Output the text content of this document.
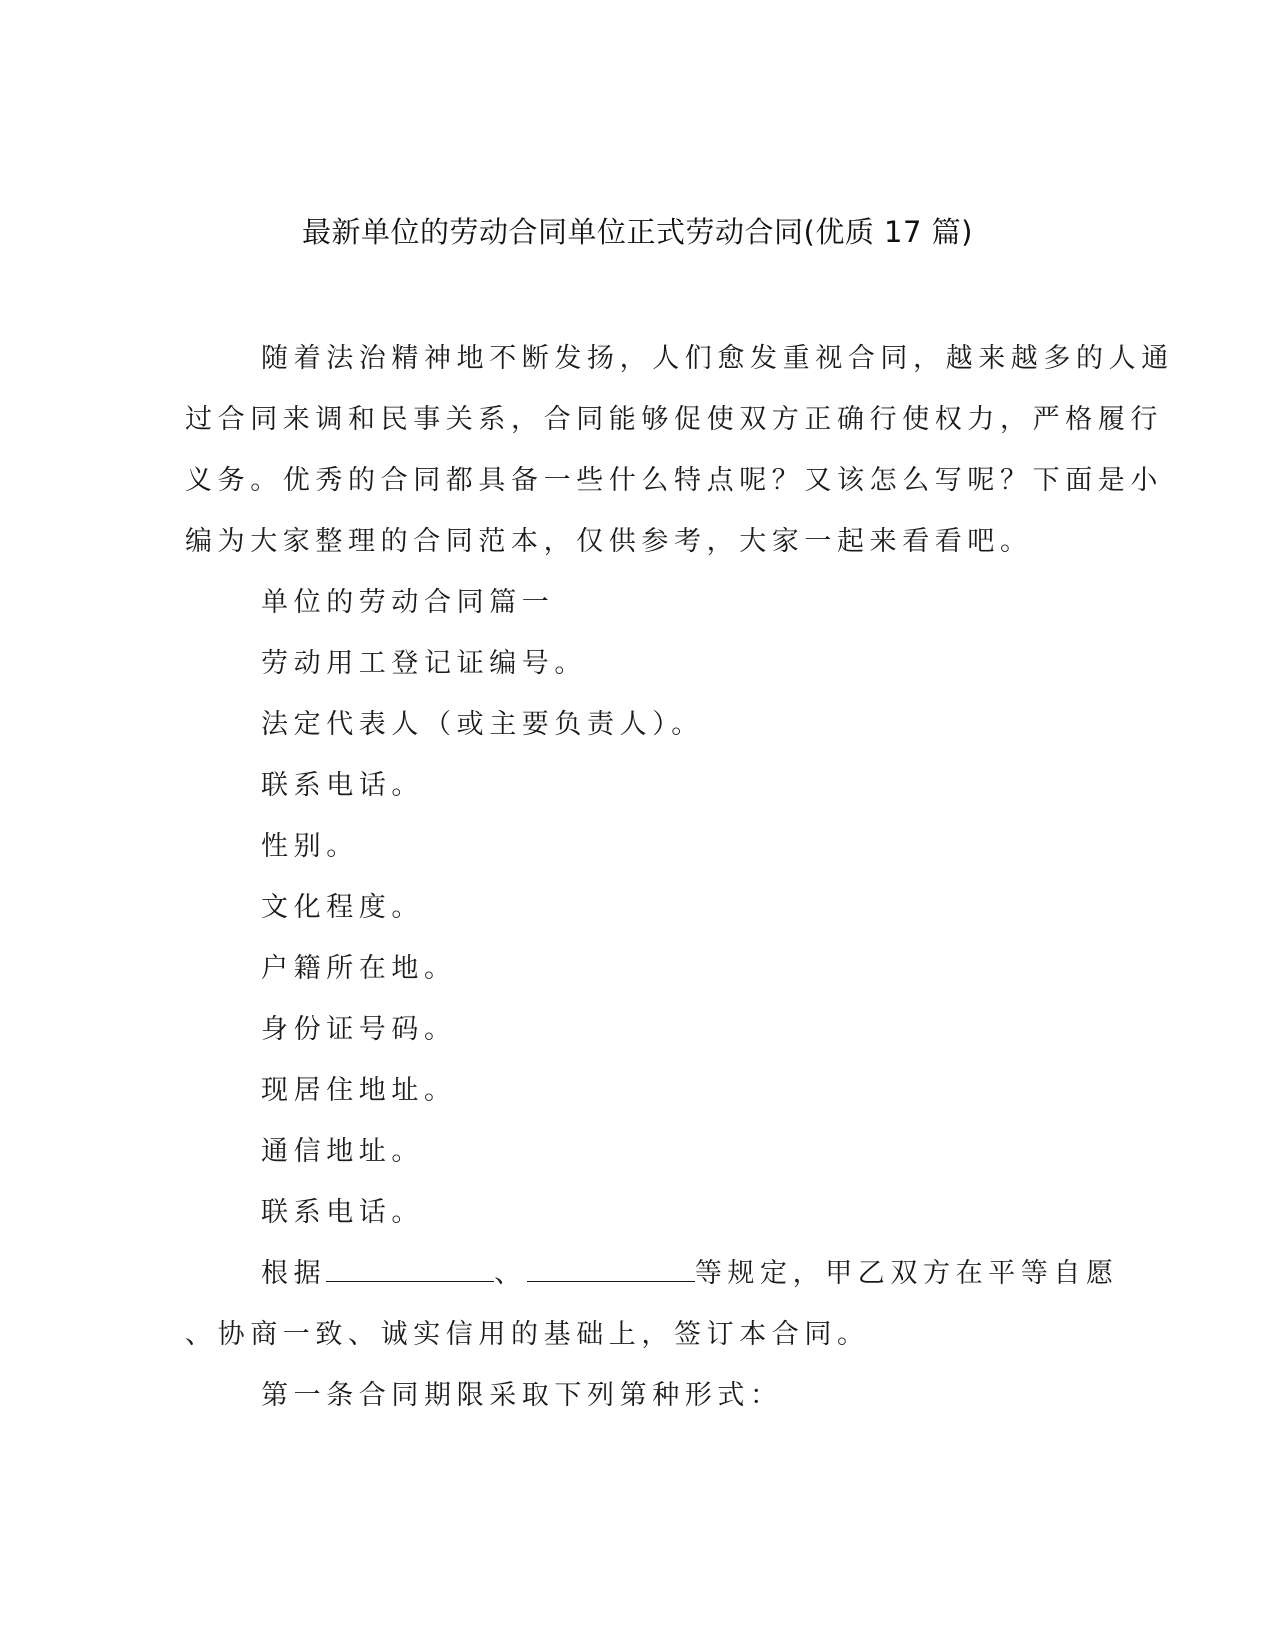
最新单位的劳动合同单位正式劳动合同(优质 17 篇)

随着法治精神地不断发扬，人们愈发重视合同，越来越多的人通

过合同来调和民事关系，合同能够促使双方正确行使权力，严格履行

义务。优秀的合同都具备一些什么特点呢？又该怎么写呢？下面是小

编为大家整理的合同范本，仅供参考，大家一起来看看吧。

单位的劳动合同篇一

劳动用工登记证编号。

法定代表人（或主要负责人）。

联系电话。

性别。

文化程度。

户籍所在地。

身份证号码。

现居住地址。

通信地址。

联系电话。

根据	、	等规定，甲乙双方在平等自愿

、协商一致、诚实信用的基础上，签订本合同。

第一条合同期限采取下列第种形式：
